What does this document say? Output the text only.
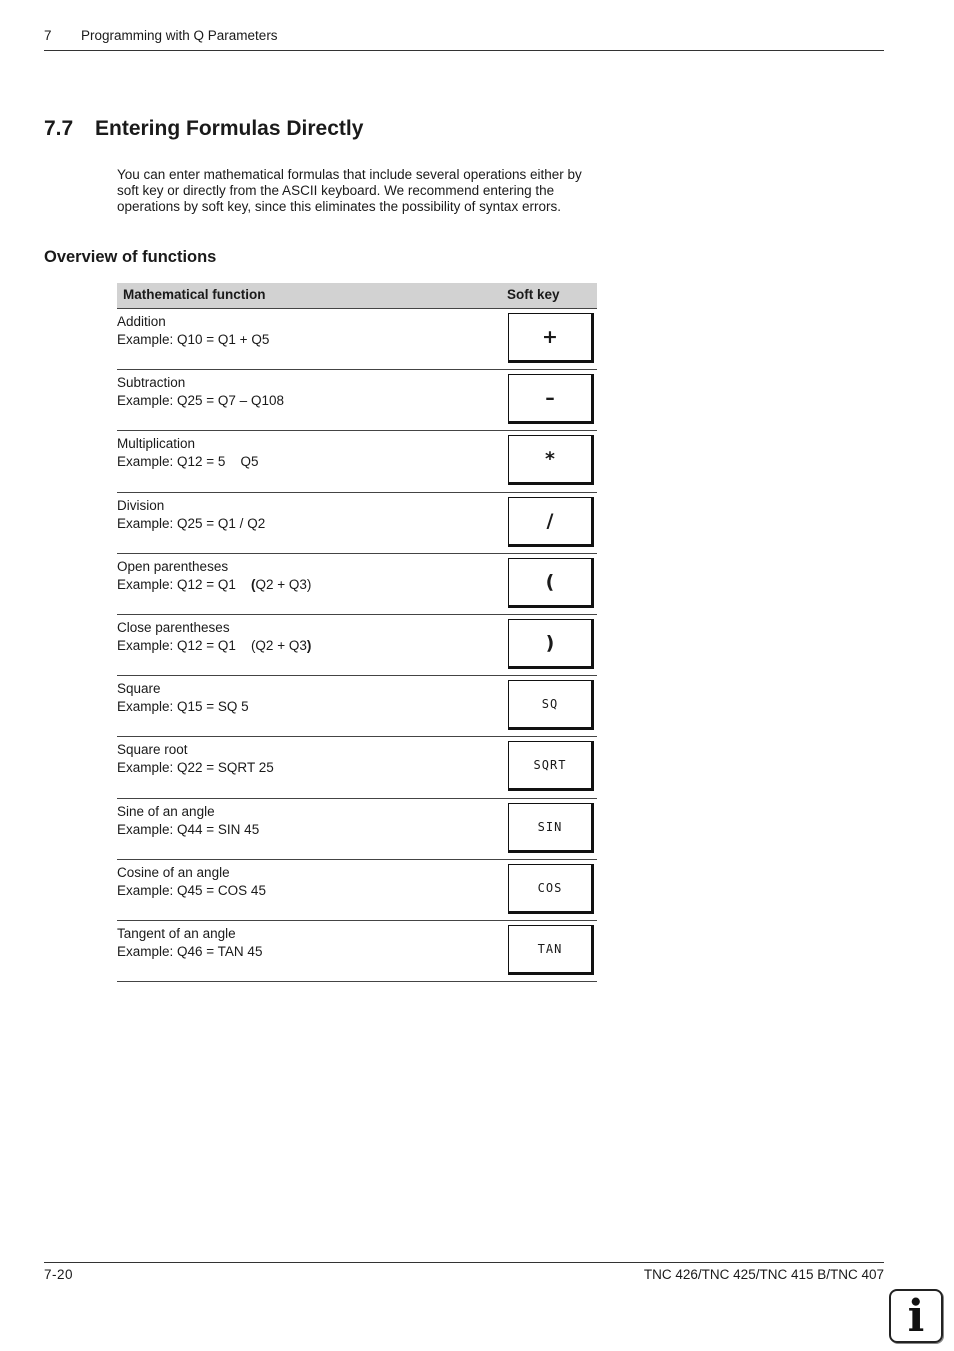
7 Programming with Q Parameters
7.7 Entering Formulas Directly

You can enter mathematical formulas that include several operations either by soft key or directly from the ASCII keyboard. We recommend entering the operations by soft key, since this eliminates the possibility of syntax errors.

Overview of functions
Mathematical function	Soft key
Addition
Example: Q10 = Q1 + Q5	+
Subtraction
Example: Q25 = Q7 – Q108	–
Multiplication
Example: Q12 = 5    Q5	*
Division
Example: Q25 = Q1 / Q2	/
Open parentheses
Example: Q12 = Q1    (Q2 + Q3)	(
Close parentheses
Example: Q12 = Q1    (Q2 + Q3)	)
Square
Example: Q15 = SQ 5	SQ
Square root
Example: Q22 = SQRT 25	SQRT
Sine of an angle
Example: Q44 = SIN 45	SIN
Cosine of an angle
Example: Q45 = COS 45	COS
Tangent of an angle
Example: Q46 = TAN 45	TAN
7-20	TNC 426/TNC 425/TNC 415 B/TNC 407
i
